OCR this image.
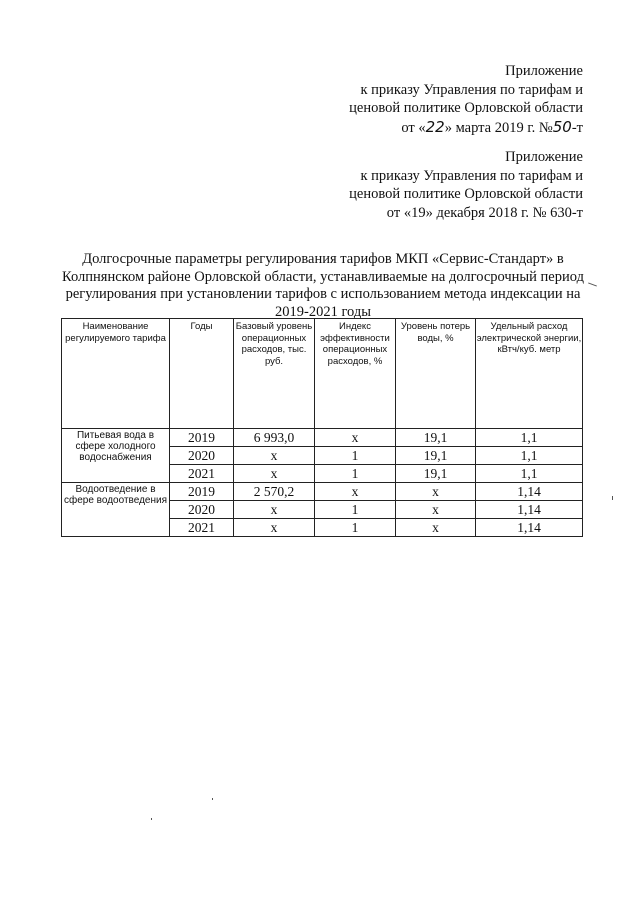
Приложение
к приказу Управления по тарифам и
ценовой политике Орловской области
от «22» марта 2019 г. №50-т
Приложение
к приказу Управления по тарифам и
ценовой политике Орловской области
от «19» декабря 2018 г. № 630-т
Долгосрочные параметры регулирования тарифов МКП «Сервис-Стандарт» в Колпнянском районе Орловской области, устанавливаемые на долгосрочный период регулирования при установлении тарифов с использованием метода индексации на 2019-2021 годы
Наименование регулируемого тарифа	Годы	Базовый уровень операционных расходов, тыс. руб.	Индекс эффективности операционных расходов, %	Уровень потерь воды, %	Удельный расход электрической энергии, кВтч/куб. метр
Питьевая вода в сфере холодного водоснабжения	2019	6 993,0	х	19,1	1,1
	2020	х	1	19,1	1,1
	2021	х	1	19,1	1,1
Водоотведение в сфере водоотведения	2019	2 570,2	х	х	1,14
	2020	х	1	х	1,14
	2021	х	1	х	1,14
